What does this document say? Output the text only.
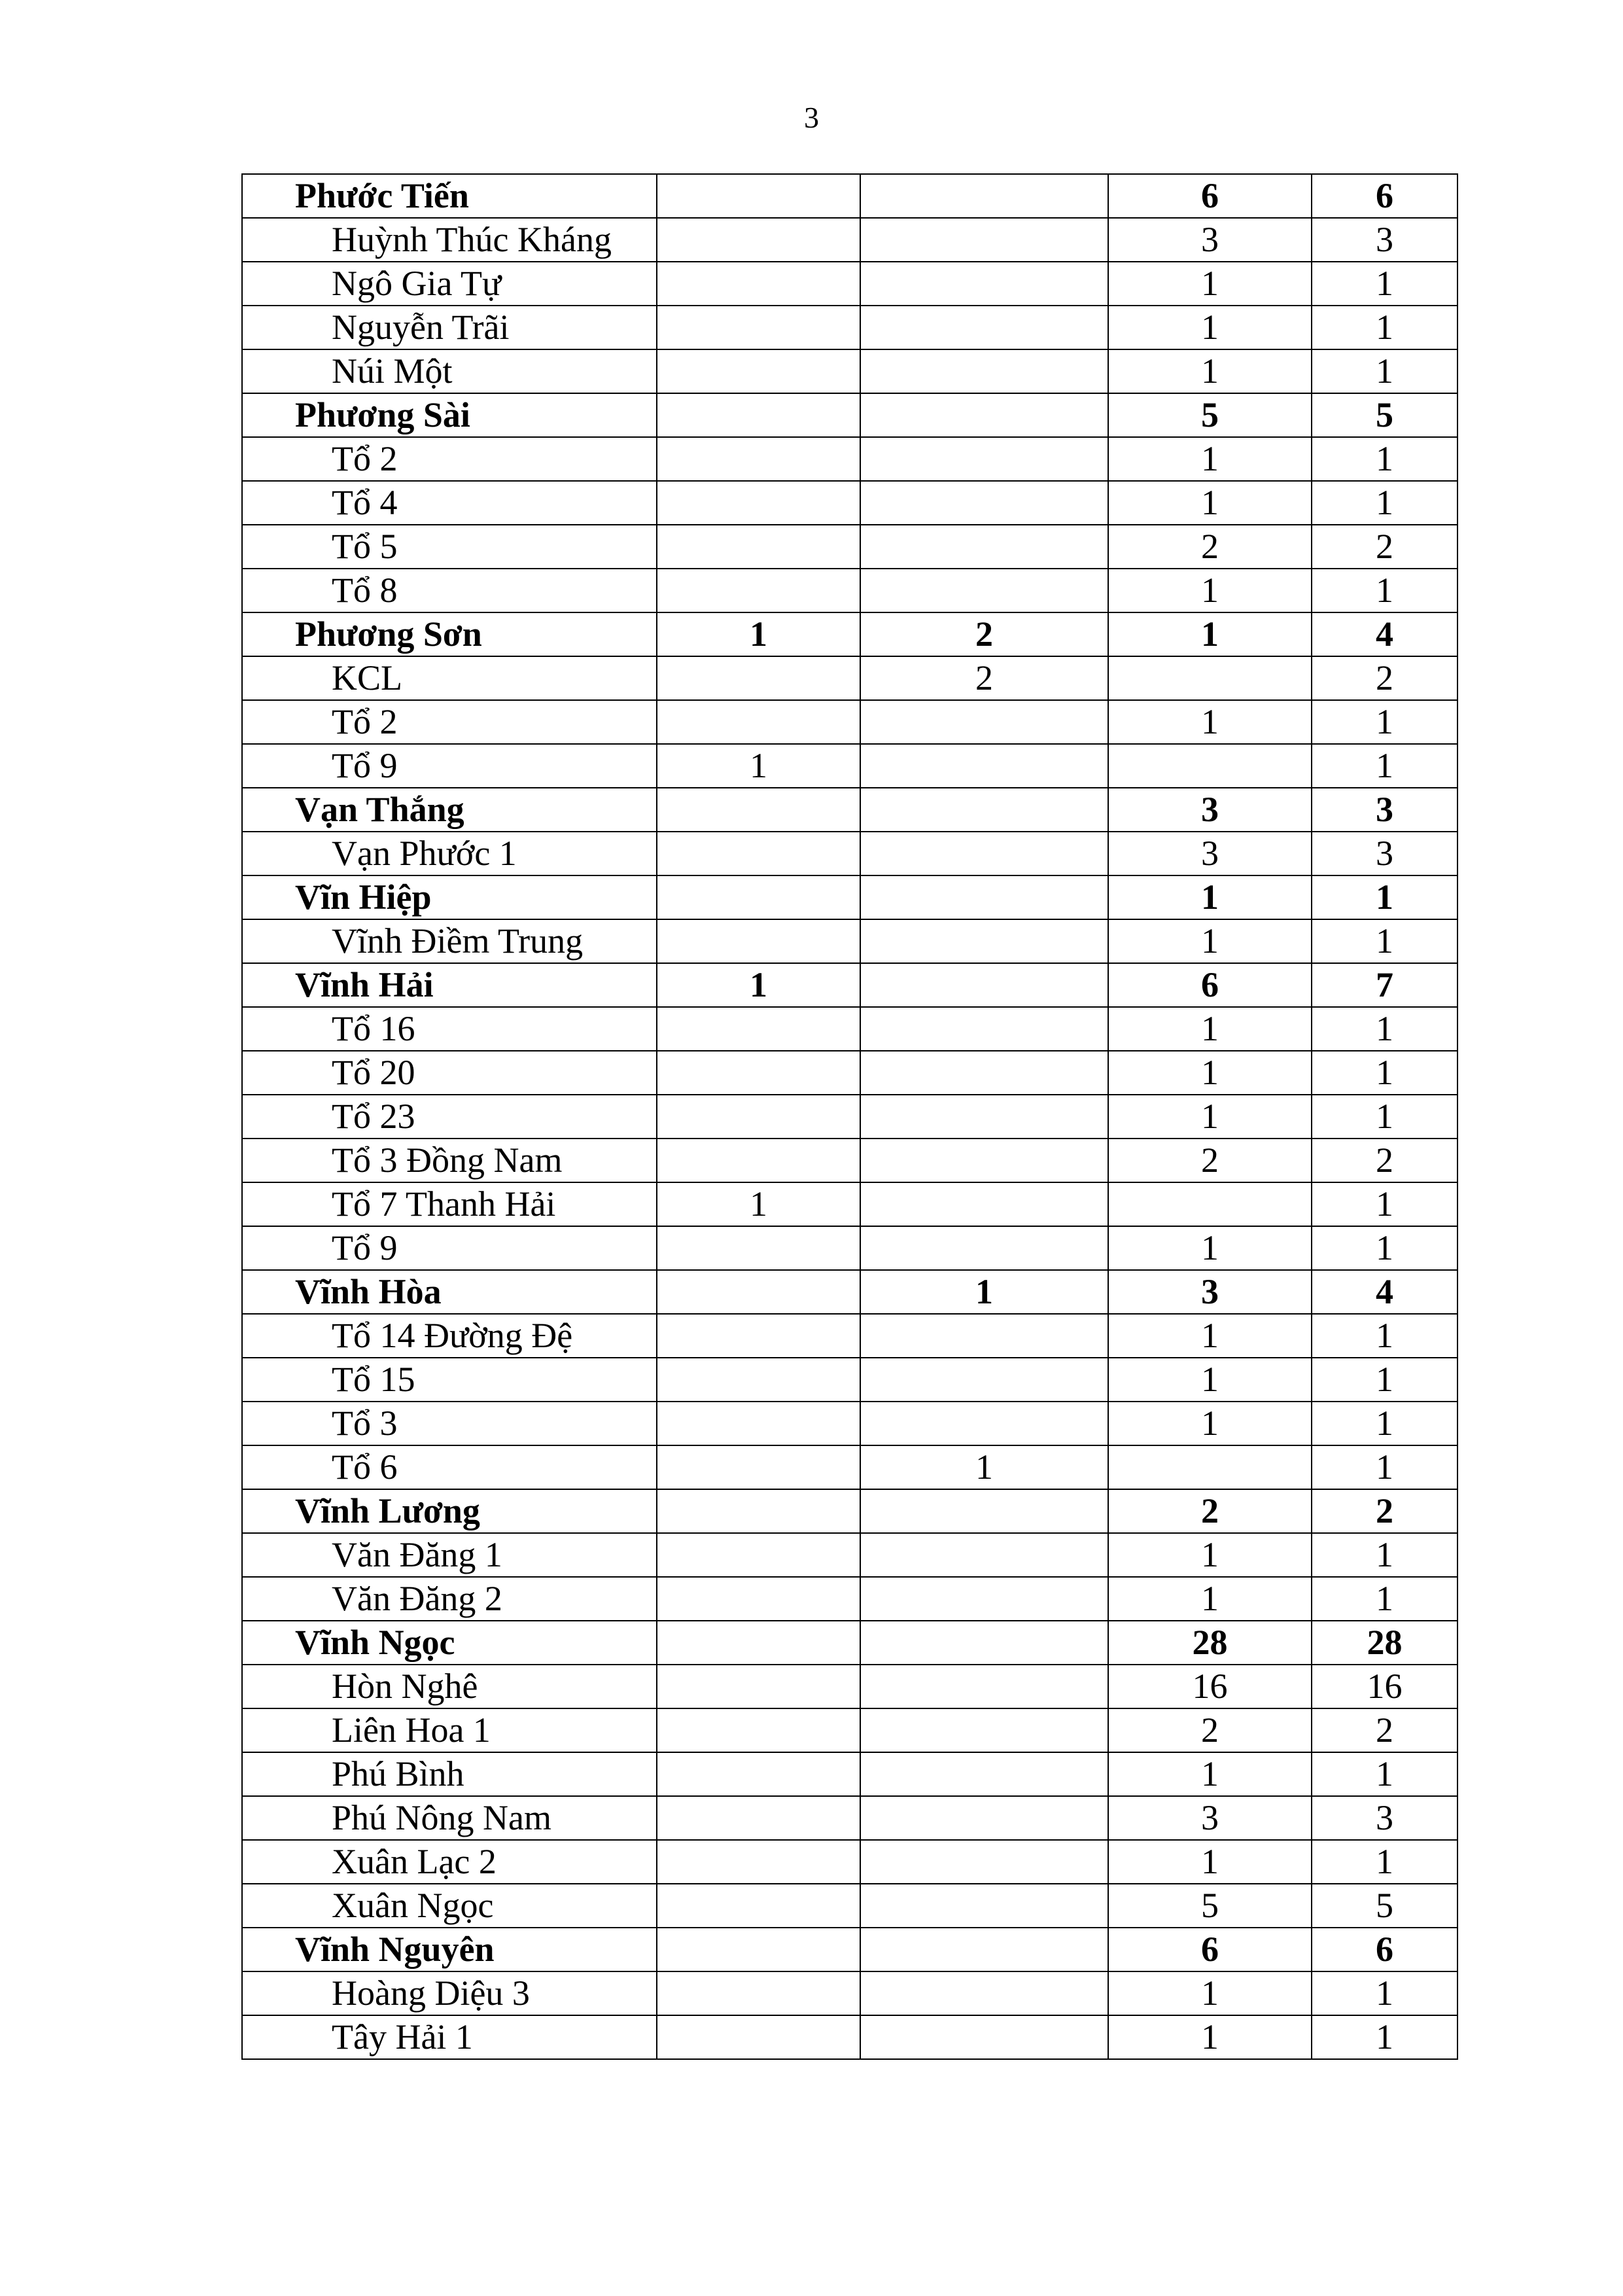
3
Phước Tiến			6	6
Huỳnh Thúc Kháng			3	3
Ngô Gia Tự			1	1
Nguyễn Trãi			1	1
Núi Một			1	1
Phương Sài			5	5
Tổ 2			1	1
Tổ 4			1	1
Tổ 5			2	2
Tổ 8			1	1
Phương Sơn	1	2	1	4
KCL		2		2
Tổ 2			1	1
Tổ 9	1			1
Vạn Thắng			3	3
Vạn Phước 1			3	3
Vĩn Hiệp			1	1
Vĩnh Điềm Trung			1	1
Vĩnh Hải	1		6	7
Tổ 16			1	1
Tổ 20			1	1
Tổ 23			1	1
Tổ 3 Đồng Nam			2	2
Tổ 7 Thanh Hải	1			1
Tổ 9			1	1
Vĩnh Hòa		1	3	4
Tổ 14 Đường Đệ			1	1
Tổ 15			1	1
Tổ 3			1	1
Tổ 6		1		1
Vĩnh Lương			2	2
Văn Đăng 1			1	1
Văn Đăng 2			1	1
Vĩnh Ngọc			28	28
Hòn Nghê			16	16
Liên Hoa 1			2	2
Phú Bình			1	1
Phú Nông Nam			3	3
Xuân Lạc 2			1	1
Xuân Ngọc			5	5
Vĩnh Nguyên			6	6
Hoàng Diệu 3			1	1
Tây Hải 1			1	1
